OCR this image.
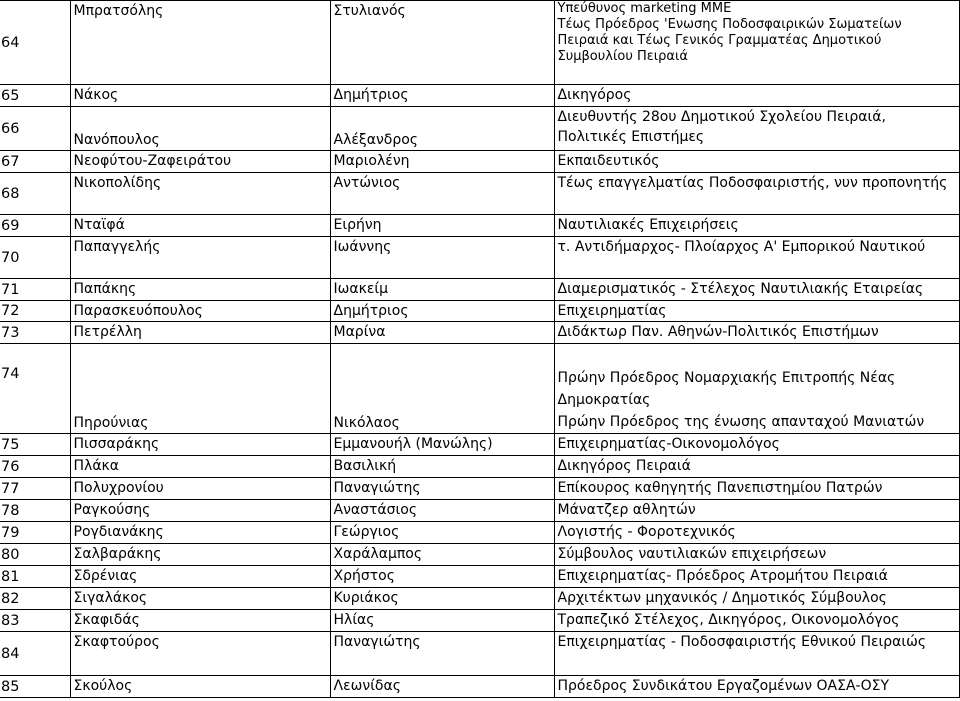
64	Μπρατσόλης	Στυλιανός	Υπεύθυνος marketing ΜΜΕ
Τέως Πρόεδρος 'Ενωσης Ποδοσφαιρικών Σωματείων
Πειραιά και Τέως Γενικός Γραμματέας Δημοτικού
Συμβουλίου Πειραιά

65	Νάκος	Δημήτριος	Δικηγόρος
66	Νανόπουλος	Αλέξανδρος	Διευθυντής 28ου Δημοτικού Σχολείου Πειραιά,
Πολιτικές Επιστήμες

67	Νεοφύτου-Ζαφειράτου	Μαριολένη	Εκπαιδευτικός
68	Νικοπολίδης	Αντώνιος	Τέως επαγγελματίας Ποδοσφαιριστής, νυν προπονητής
69	Νταϊφά	Ειρήνη	Ναυτιλιακές Επιχειρήσεις
70	Παπαγγελής	Ιωάννης	τ. Αντιδήμαρχος- Πλοίαρχος Α' Εμπορικού Ναυτικού
71	Παπάκης	Ιωακείμ	Διαμερισματικός - Στέλεχος Ναυτιλιακής Εταιρείας
72	Παρασκευόπουλος	Δημήτριος	Επιχειρηματίας
73	Πετρέλλη	Μαρίνα	Διδάκτωρ Παν. Αθηνών-Πολιτικός Επιστήμων
74	Πηρούνιας	Νικόλαος	Πρώην Πρόεδρος Νομαρχιακής Επιτροπής Νέας
Δημοκρατίας
Πρώην Πρόεδρος της ένωσης απανταχού Μανιατών

75	Πισσαράκης	Εμμανουήλ (Μανώλης)	Επιχειρηματίας-Οικονομολόγος
76	Πλάκα	Βασιλική	Δικηγόρος Πειραιά
77	Πολυχρονίου	Παναγιώτης	Επίκουρος καθηγητής Πανεπιστημίου Πατρών
78	Ραγκούσης	Αναστάσιος	Μάνατζερ αθλητών
79	Ρογδιανάκης	Γεώργιος	Λογιστής - Φοροτεχνικός
80	Σαλβαράκης	Χαράλαμπος	Σύμβουλος ναυτιλιακών επιχειρήσεων
81	Σδρένιας	Χρήστος	Επιχειρηματίας- Πρόεδρος Ατρομήτου Πειραιά
82	Σιγαλάκος	Κυριάκος	Αρχιτέκτων μηχανικός / Δημοτικός Σύμβουλος
83	Σκαφιδάς	Ηλίας	Τραπεζικό Στέλεχος, Δικηγόρος, Οικονομολόγος
84	Σκαφτούρος	Παναγιώτης	Επιχειρηματίας - Ποδοσφαιριστής Εθνικού Πειραιώς
85	Σκούλος	Λεωνίδας	Πρόεδρος Συνδικάτου Εργαζομένων ΟΑΣΑ-ΟΣΥ
